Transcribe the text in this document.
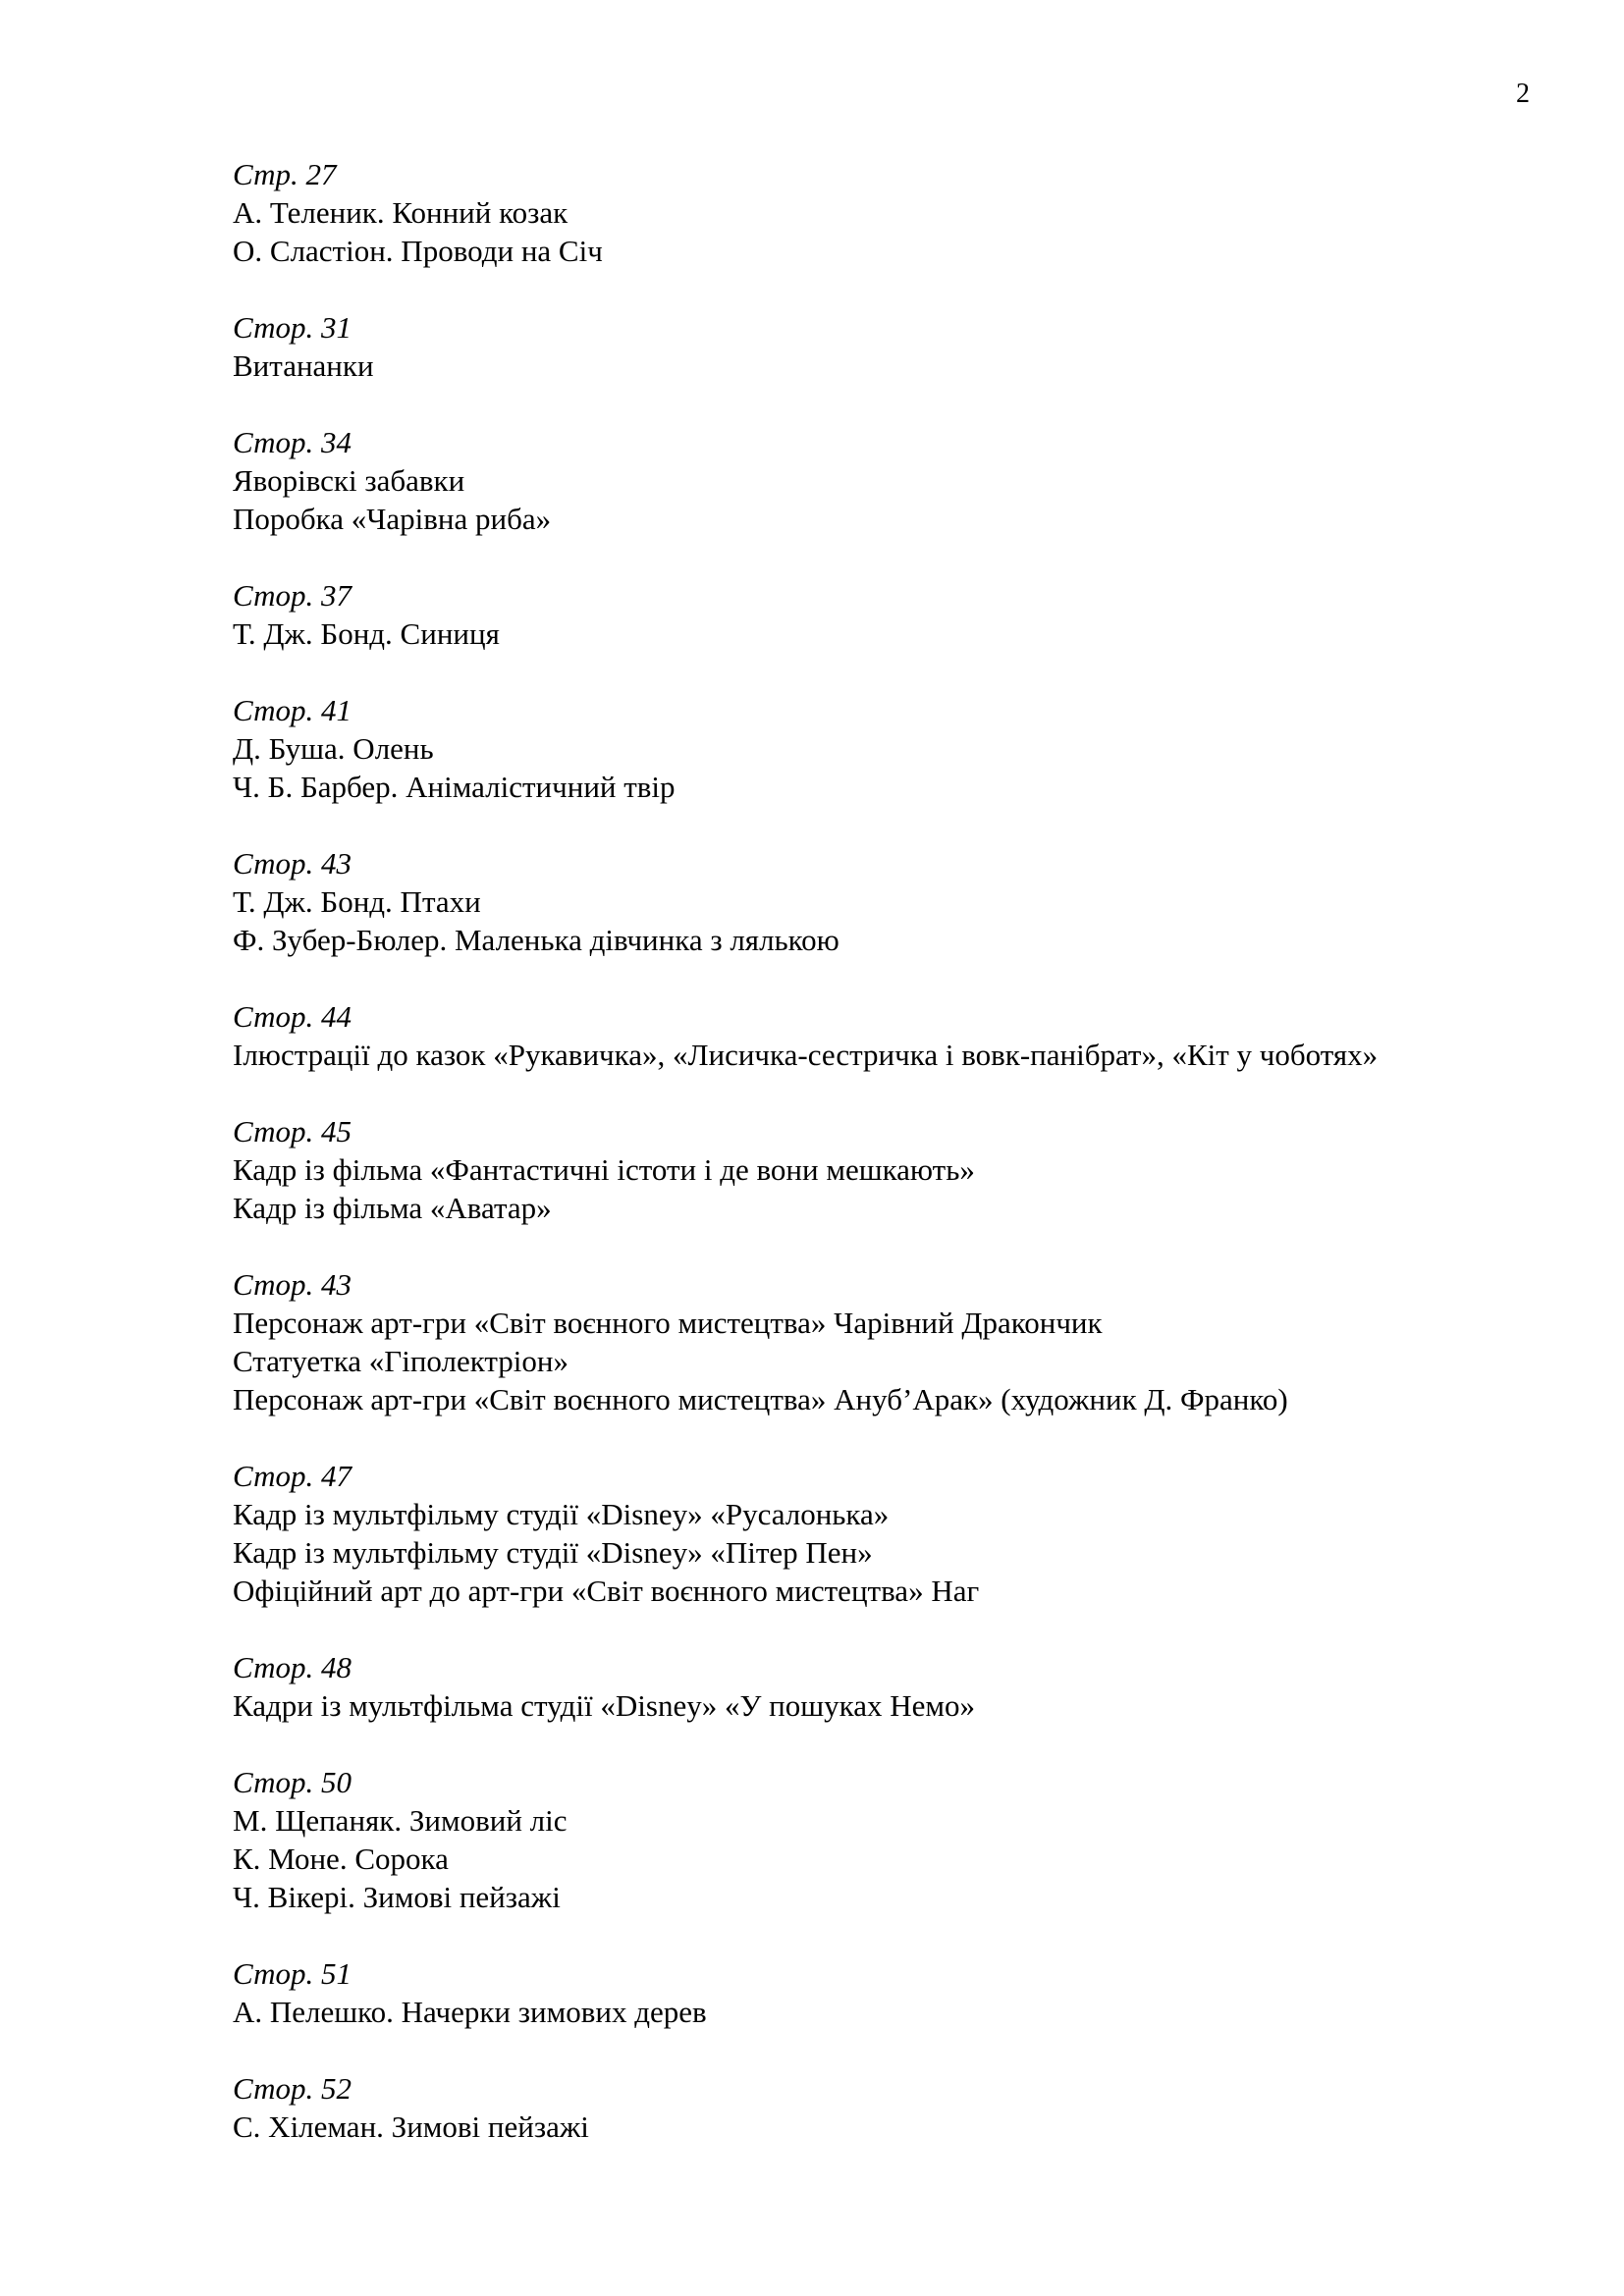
2
Стр. 27
А. Теленик. Конний козак
О. Сластіон. Проводи на Січ
Стор. 31
Витананки
Стор. 34
Яворівскі забавки
Поробка «Чарівна риба»
Стор. 37
Т. Дж. Бонд. Синиця
Стор. 41
Д. Буша. Олень
Ч. Б. Барбер. Анімалістичний твір
Стор. 43
Т. Дж. Бонд. Птахи
Ф. Зубер-Бюлер. Маленька дівчинка з лялькою
Стор. 44
Ілюстрації до казок «Рукавичка», «Лисичка-сестричка і вовк-панібрат», «Кіт у чоботях»
Стор. 45
Кадр із фільма «Фантастичні істоти і де вони мешкають»
Кадр із фільма «Аватар»
Стор. 43
Персонаж арт-гри «Світ воєнного мистецтва» Чарівний Дракончик
Статуетка «Гіполектріон»
Персонаж арт-гри «Світ воєнного мистецтва» Ануб’Арак» (художник Д. Франко)
Стор. 47
Кадр із мультфільму студії «Disney» «Русалонька»
Кадр із мультфільму студії «Disney» «Пітер Пен»
Офіційний арт до арт-гри «Світ воєнного мистецтва» Наг
Стор. 48
Кадри із мультфільма студії «Disney» «У пошуках Немо»
Стор. 50
М. Щепаняк. Зимовий ліс
К. Моне. Сорока
Ч. Вікері. Зимові пейзажі
Стор. 51
А. Пелешко. Начерки зимових дерев
Стор. 52
С. Хілеман. Зимові пейзажі
